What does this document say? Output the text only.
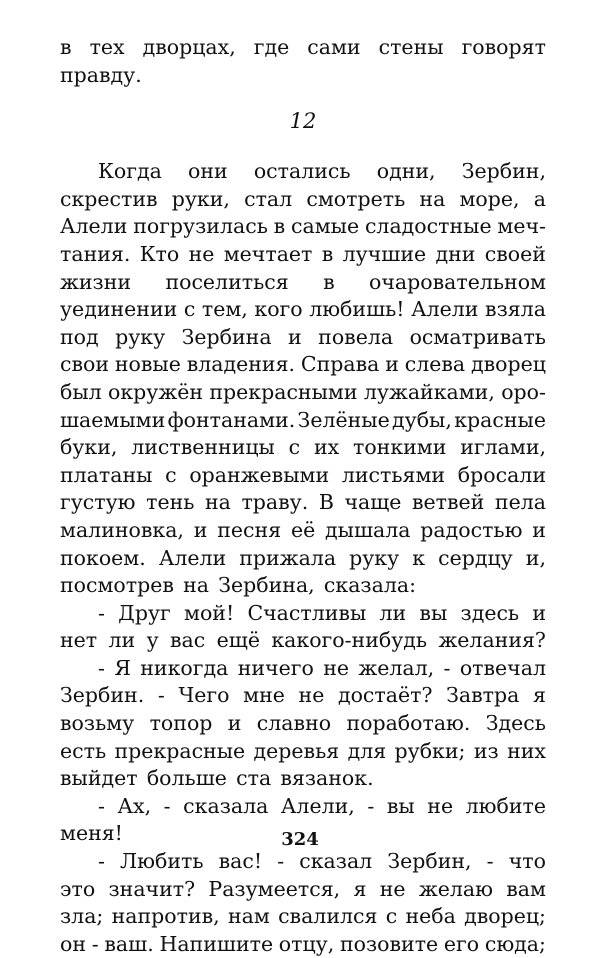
в тех дворцах, где сами стены говорят
правду.
12
Когда они остались одни, Зербин,
скрестив руки, стал смотреть на море, а
Алели погрузилась в самые сладостные меч-
тания. Кто не мечтает в лучшие дни своей
жизни поселиться в очаровательном
уединении с тем, кого любишь! Алели взяла
под руку Зербина и повела осматривать
свои новые владения. Справа и слева дворец
был окружён прекрасными лужайками, оро-
шаемыми фонтанами. Зелёные дубы, красные
буки, лиственницы с их тонкими иглами,
платаны с оранжевыми листьями бросали
густую тень на траву. В чаще ветвей пела
малиновка, и песня её дышала радостью и
покоем. Алели прижала руку к сердцу и,
посмотрев на Зербина, сказала:
- Друг мой! Счастливы ли вы здесь и
нет ли у вас ещё какого-нибудь желания?
- Я никогда ничего не желал, - отвечал
Зербин. - Чего мне не достаёт? Завтра я
возьму топор и славно поработаю. Здесь
есть прекрасные деревья для рубки; из них
выйдет больше ста вязанок.
- Ах, - сказала Алели, - вы не любите
меня!
- Любить вас! - сказал Зербин, - что
это значит? Разумеется, я не желаю вам
зла; напротив, нам свалился с неба дворец;
он - ваш. Напишите отцу, позовите его сюда;
324
